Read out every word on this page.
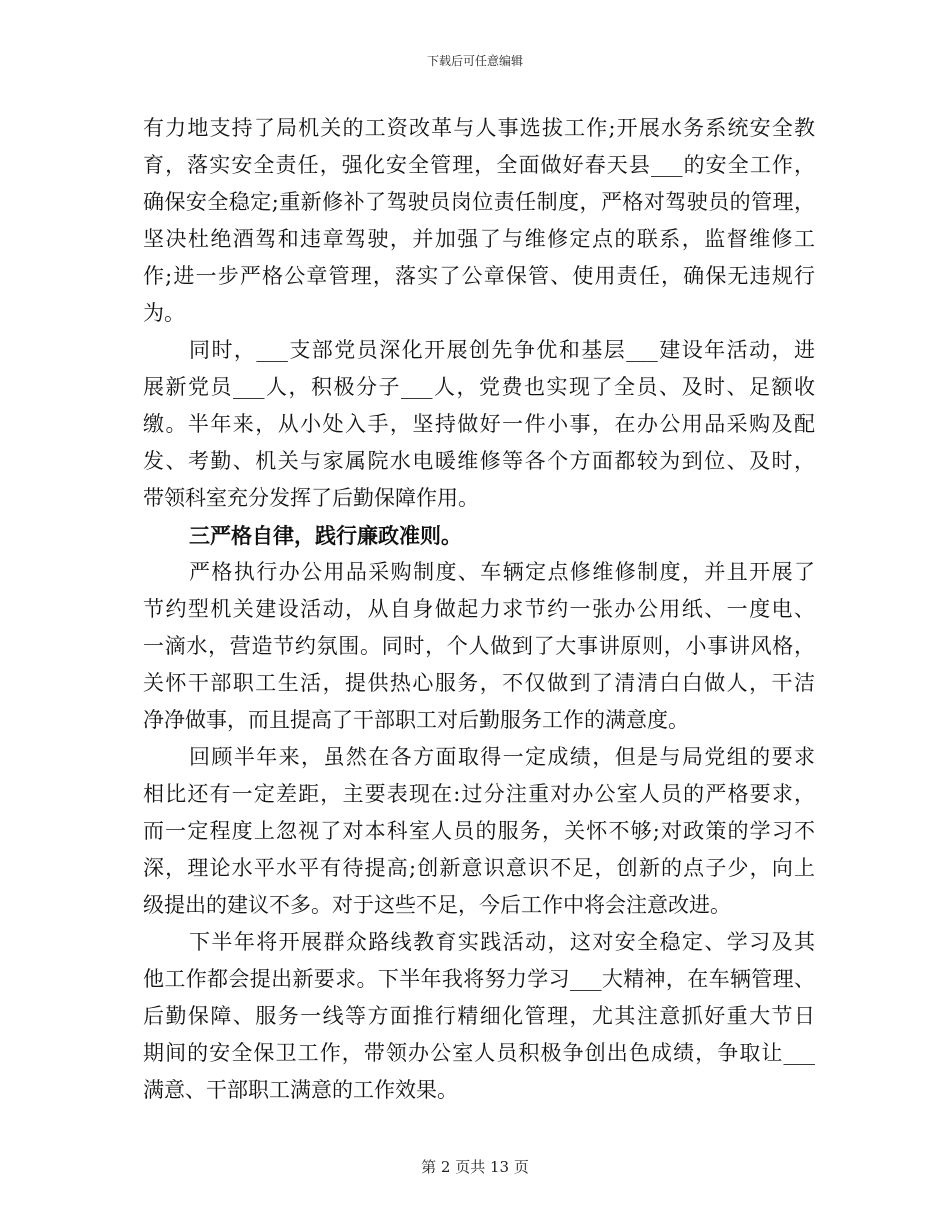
下载后可任意编辑
有力地支持了局机关的工资改革与人事选拔工作;开展水务系统安全教
育，落实安全责任，强化安全管理，全面做好春天县___的安全工作，
确保安全稳定;重新修补了驾驶员岗位责任制度，严格对驾驶员的管理，
坚决杜绝酒驾和违章驾驶，并加强了与维修定点的联系，监督维修工
作;进一步严格公章管理，落实了公章保管、使用责任，确保无违规行
为。
同时，___支部党员深化开展创先争优和基层___建设年活动，进
展新党员___人，积极分子___人，党费也实现了全员、及时、足额收
缴。半年来，从小处入手，坚持做好一件小事，在办公用品采购及配
发、考勤、机关与家属院水电暖维修等各个方面都较为到位、及时，
带领科室充分发挥了后勤保障作用。
三严格自律，践行廉政准则。
严格执行办公用品采购制度、车辆定点修维修制度，并且开展了
节约型机关建设活动，从自身做起力求节约一张办公用纸、一度电、
一滴水，营造节约氛围。同时，个人做到了大事讲原则，小事讲风格，
关怀干部职工生活，提供热心服务，不仅做到了清清白白做人，干洁
净净做事，而且提高了干部职工对后勤服务工作的满意度。
回顾半年来，虽然在各方面取得一定成绩，但是与局党组的要求
相比还有一定差距，主要表现在:过分注重对办公室人员的严格要求，
而一定程度上忽视了对本科室人员的服务，关怀不够;对政策的学习不
深，理论水平水平有待提高;创新意识意识不足，创新的点子少，向上
级提出的建议不多。对于这些不足，今后工作中将会注意改进。
下半年将开展群众路线教育实践活动，这对安全稳定、学习及其
他工作都会提出新要求。下半年我将努力学习___大精神，在车辆管理、
后勤保障、服务一线等方面推行精细化管理，尤其注意抓好重大节日
期间的安全保卫工作，带领办公室人员积极争创出色成绩，争取让___
满意、干部职工满意的工作效果。
第 2 页共 13 页
